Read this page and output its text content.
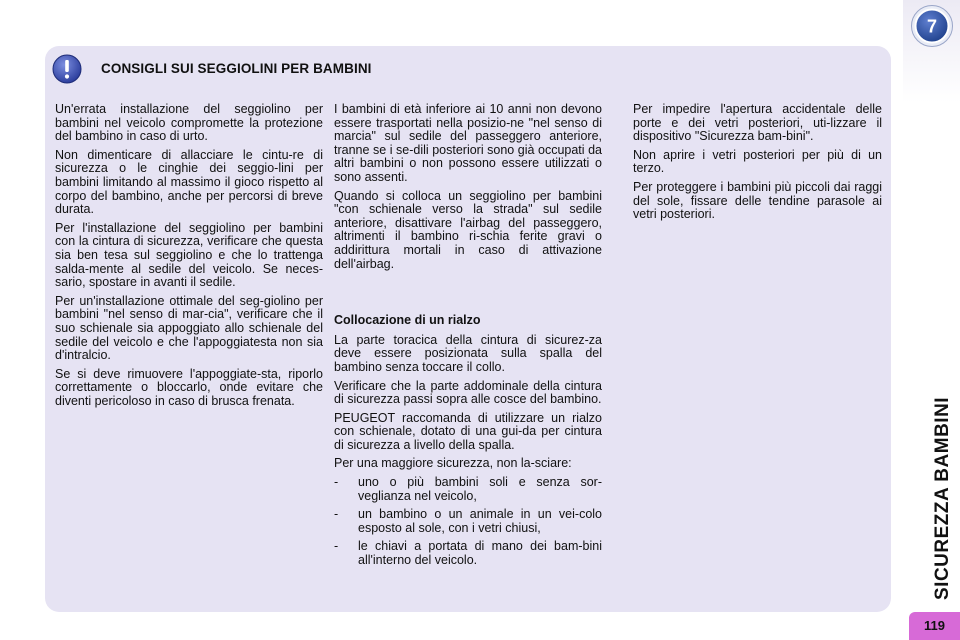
CONSIGLI SUI SEGGIOLINI PER BAMBINI

Un'errata installazione del seggiolino per bambini nel veicolo compromette la protezione del bambino in caso di urto.

Non dimenticare di allacciare le cintu-re di sicurezza o le cinghie dei seggio-lini per bambini limitando al massimo il gioco rispetto al corpo del bambino, anche per percorsi di breve durata.

Per l'installazione del seggiolino per bambini con la cintura di sicurezza, verificare che questa sia ben tesa sul seggiolino e che lo trattenga salda-mente al sedile del veicolo. Se neces-sario, spostare in avanti il sedile.

Per un'installazione ottimale del seg-giolino per bambini "nel senso di mar-cia", verificare che il suo schienale sia appoggiato allo schienale del sedile del veicolo e che l'appoggiatesta non sia d'intralcio.

Se si deve rimuovere l'appoggiate-sta, riporlo correttamente o bloccarlo, onde evitare che diventi pericoloso in caso di brusca frenata.

I bambini di età inferiore ai 10 anni non devono essere trasportati nella posizio-ne "nel senso di marcia" sul sedile del passeggero anteriore, tranne se i se-dili posteriori sono già occupati da altri bambini o non possono essere utilizzati o sono assenti.

Quando si colloca un seggiolino per bambini "con schienale verso la strada" sul sedile anteriore, disattivare l'airbag del passeggero, altrimenti il bambino ri-schia ferite gravi o addirittura mortali in caso di attivazione dell'airbag.

Collocazione di un rialzo

La parte toracica della cintura di sicurez-za deve essere posizionata sulla spalla del bambino senza toccare il collo.

Verificare che la parte addominale della cintura di sicurezza passi sopra alle cosce del bambino.

PEUGEOT raccomanda di utilizzare un rialzo con schienale, dotato di una gui-da per cintura di sicurezza a livello della spalla.

Per una maggiore sicurezza, non la-sciare:

- uno o più bambini soli e senza sor-veglianza nel veicolo,
- un bambino o un animale in un vei-colo esposto al sole, con i vetri chiusi,
- le chiavi a portata di mano dei bam-bini all'interno del veicolo.

Per impedire l'apertura accidentale delle porte e dei vetri posteriori, uti-lizzare il dispositivo "Sicurezza bam-bini".

Non aprire i vetri posteriori per più di un terzo.

Per proteggere i bambini più piccoli dai raggi del sole, fissare delle tendine parasole ai vetri posteriori.

7

SICUREZZA BAMBINI

119
